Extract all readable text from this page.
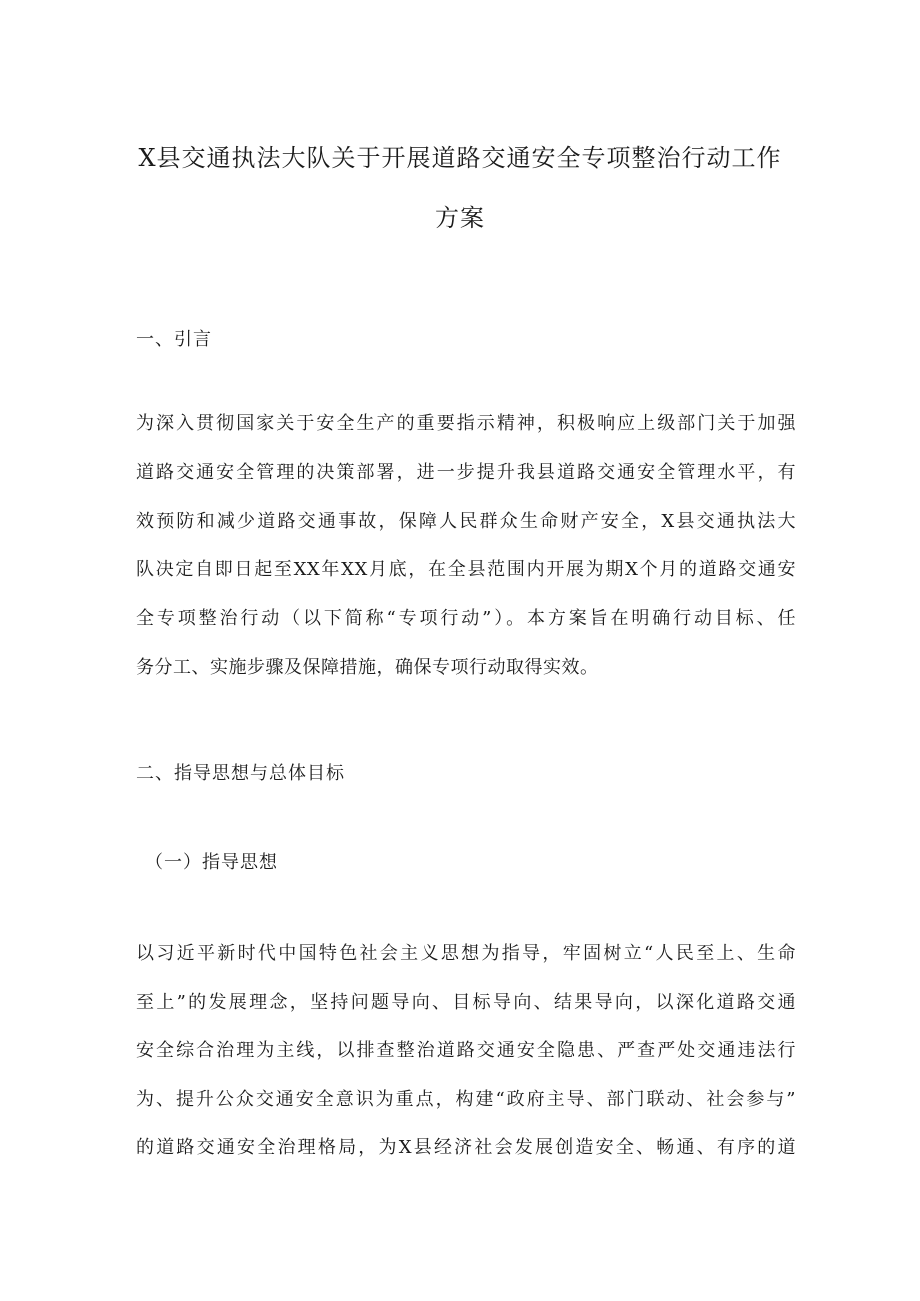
X县交通执法大队关于开展道路交通安全专项整治行动工作
方案
一、引言
为深入贯彻国家关于安全生产的重要指示精神，积极响应上级部门关于加强
道路交通安全管理的决策部署，进一步提升我县道路交通安全管理水平，有
效预防和减少道路交通事故，保障人民群众生命财产安全，X县交通执法大
队决定自即日起至XX年XX月底，在全县范围内开展为期X个月的道路交通安
全专项整治行动（以下简称“专项行动”）。本方案旨在明确行动目标、任
务分工、实施步骤及保障措施，确保专项行动取得实效。
二、指导思想与总体目标
（一）指导思想
以习近平新时代中国特色社会主义思想为指导，牢固树立“人民至上、生命
至上”的发展理念，坚持问题导向、目标导向、结果导向，以深化道路交通
安全综合治理为主线，以排查整治道路交通安全隐患、严查严处交通违法行
为、提升公众交通安全意识为重点，构建“政府主导、部门联动、社会参与”
的道路交通安全治理格局，为X县经济社会发展创造安全、畅通、有序的道
